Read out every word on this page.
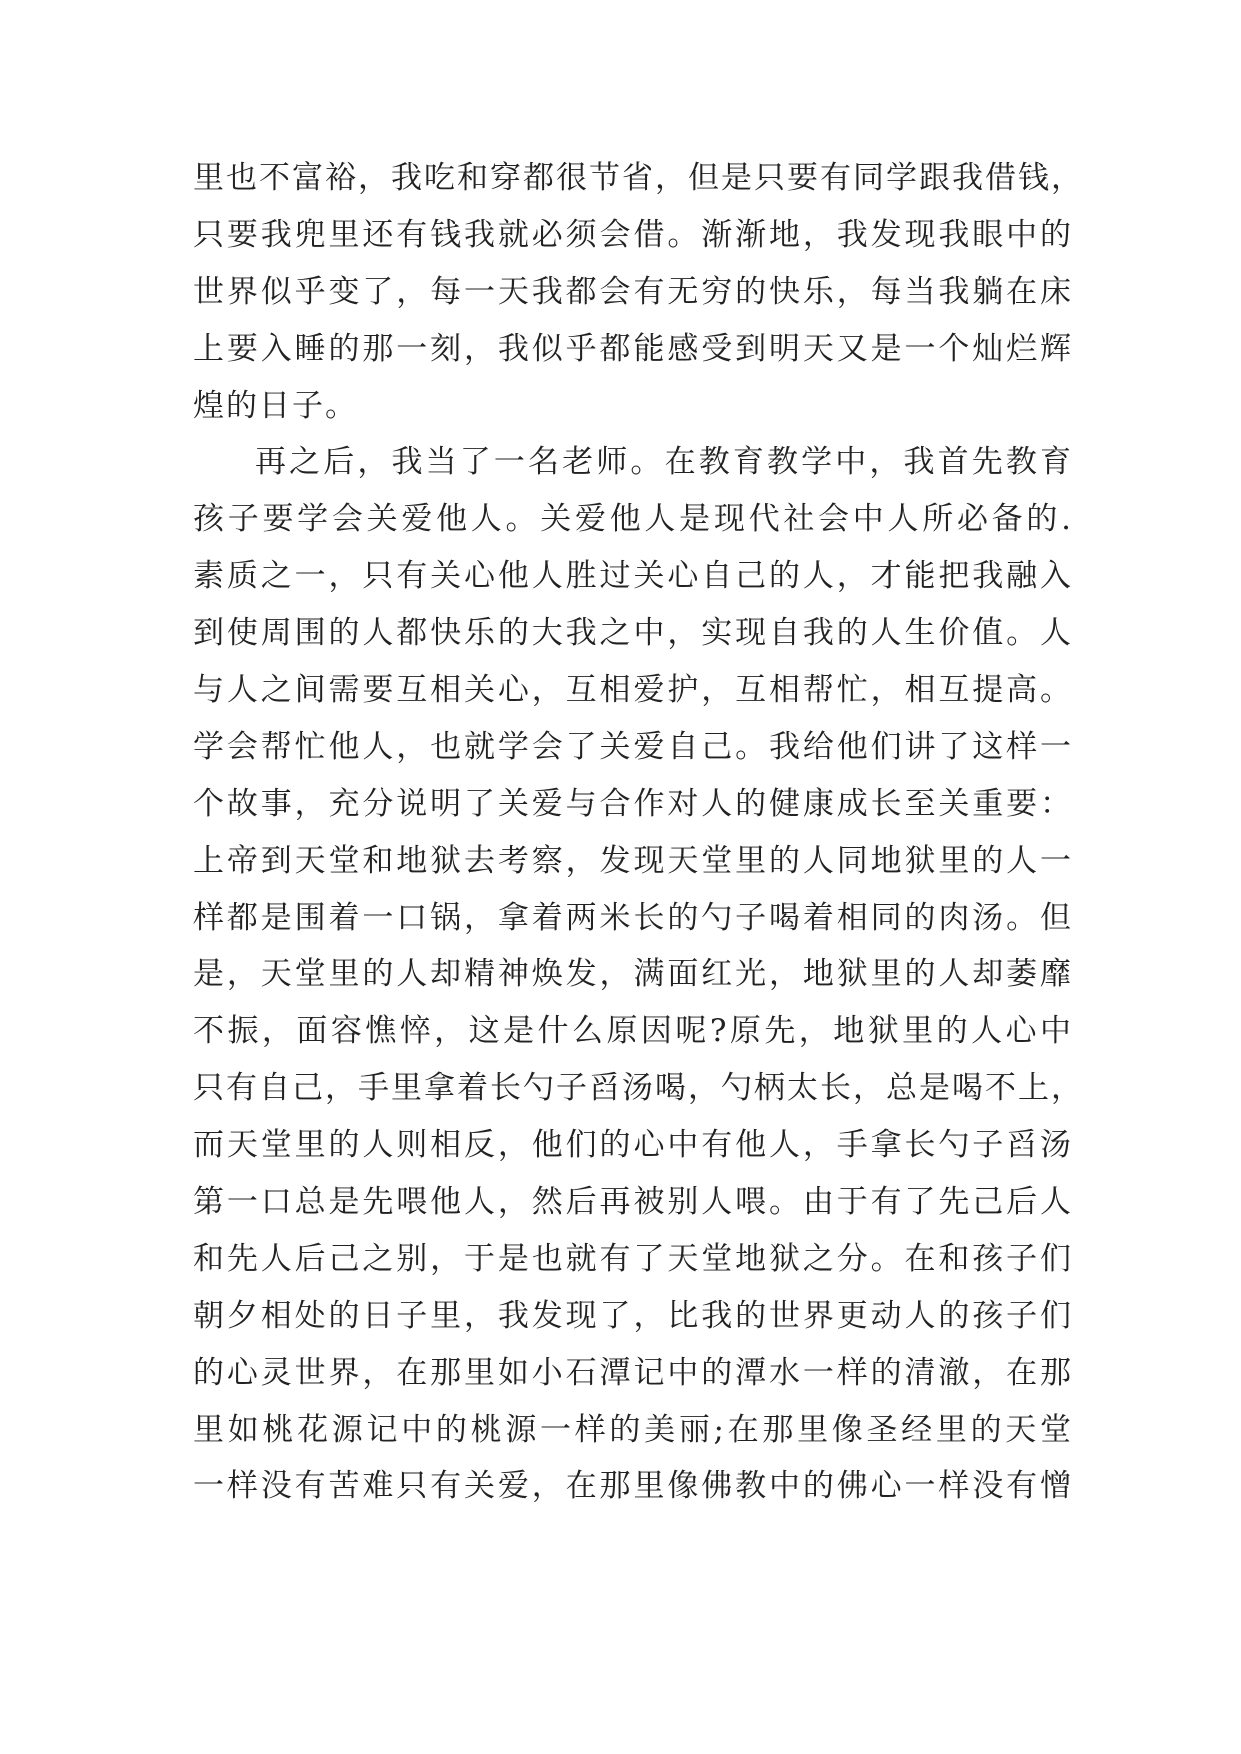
里也不富裕，我吃和穿都很节省，但是只要有同学跟我借钱，
只要我兜里还有钱我就必须会借。渐渐地，我发现我眼中的
世界似乎变了，每一天我都会有无穷的快乐，每当我躺在床
上要入睡的那一刻，我似乎都能感受到明天又是一个灿烂辉
煌的日子。
再之后，我当了一名老师。在教育教学中，我首先教育
孩子要学会关爱他人。关爱他人是现代社会中人所必备的.
素质之一，只有关心他人胜过关心自己的人，才能把我融入
到使周围的人都快乐的大我之中，实现自我的人生价值。人
与人之间需要互相关心，互相爱护，互相帮忙，相互提高。
学会帮忙他人，也就学会了关爱自己。我给他们讲了这样一
个故事，充分说明了关爱与合作对人的健康成长至关重要：
上帝到天堂和地狱去考察，发现天堂里的人同地狱里的人一
样都是围着一口锅，拿着两米长的勺子喝着相同的肉汤。但
是，天堂里的人却精神焕发，满面红光，地狱里的人却萎靡
不振，面容憔悴，这是什么原因呢?原先，地狱里的人心中
只有自己，手里拿着长勺子舀汤喝，勺柄太长，总是喝不上，
而天堂里的人则相反，他们的心中有他人，手拿长勺子舀汤
第一口总是先喂他人，然后再被别人喂。由于有了先己后人
和先人后己之别，于是也就有了天堂地狱之分。在和孩子们
朝夕相处的日子里，我发现了，比我的世界更动人的孩子们
的心灵世界，在那里如小石潭记中的潭水一样的清澈，在那
里如桃花源记中的桃源一样的美丽;在那里像圣经里的天堂
一样没有苦难只有关爱，在那里像佛教中的佛心一样没有憎
